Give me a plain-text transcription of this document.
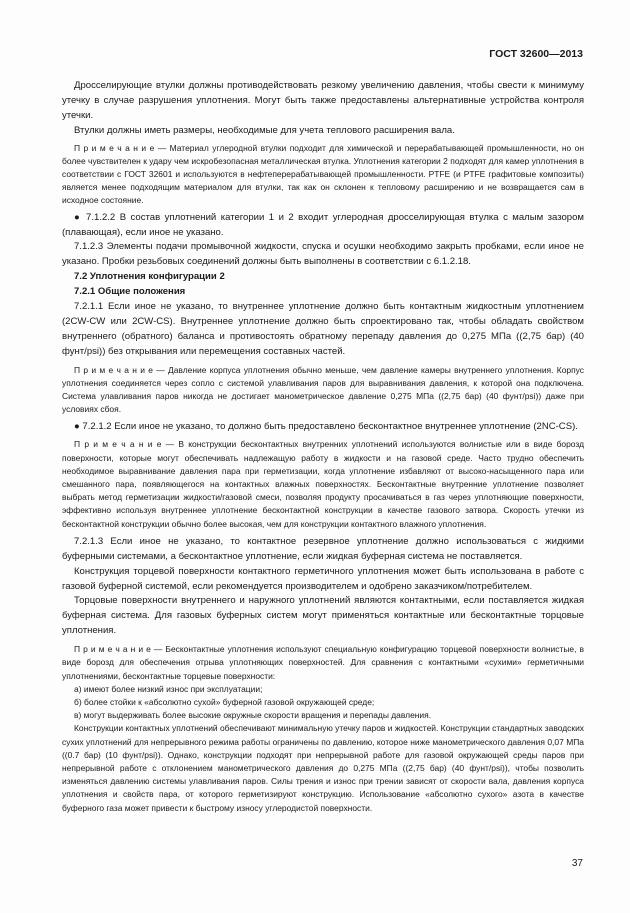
ГОСТ 32600—2013

Дросселирующие втулки должны противодействовать резкому увеличению давления, чтобы свести к минимуму утечку в случае разрушения уплотнения. Могут быть также предоставлены альтернативные устройства контроля утечки.

Втулки должны иметь размеры, необходимые для учета теплового расширения вала.

П р и м е ч а н и е — Материал углеродной втулки подходит для химической и перерабатывающей промышленности, но он более чувствителен к удару чем искробезопасная металлическая втулка. Уплотнения категории 2 подходят для камер уплотнения в соответствии с ГОСТ 32601 и используются в нефтеперерабатывающей промышленности. PTFE (и PTFE графитовые композиты) является менее подходящим материалом для втулки, так как он склонен к тепловому расширению и не возвращается сам в исходное состояние.

● 7.1.2.2 В состав уплотнений категории 1 и 2 входит углеродная дросселирующая втулка с малым зазором (плавающая), если иное не указано.

7.1.2.3 Элементы подачи промывочной жидкости, спуска и осушки необходимо закрыть пробками, если иное не указано. Пробки резьбовых соединений должны быть выполнены в соответствии с 6.1.2.18.

7.2 Уплотнения конфигурации 2

7.2.1 Общие положения

7.2.1.1 Если иное не указано, то внутреннее уплотнение должно быть контактным жидкостным уплотнением (2CW-CW или 2CW-CS). Внутреннее уплотнение должно быть спроектировано так, чтобы обладать свойством внутреннего (обратного) баланса и противостоять обратному перепаду давления до 0,275 МПа ((2,75 бар) (40 фунт/psi)) без открывания или перемещения составных частей.

П р и м е ч а н и е — Давление корпуса уплотнения обычно меньше, чем давление камеры внутреннего уплотнения. Корпус уплотнения соединяется через сопло с системой улавливания паров для выравнивания давления, к которой она подключена. Система улавливания паров никогда не достигает манометрическое давление 0,275 МПа ((2,75 бар) (40 фунт/psi)) даже при условиях сбоя.

● 7.2.1.2 Если иное не указано, то должно быть предоставлено бесконтактное внутреннее уплотнение (2NC-CS).

П р и м е ч а н и е — В конструкции бесконтактных внутренних уплотнений используются волнистые или в виде борозд поверхности, которые могут обеспечивать надлежащую работу в жидкости и на газовой среде. Часто трудно обеспечить необходимое выравнивание давления пара при герметизации, когда уплотнение избавляют от высоко-насыщенного пара или смешанного пара, появляющегося на контактных влажных поверхностях. Бесконтактные внутренние уплотнение позволяет выбрать метод герметизации жидкости/газовой смеси, позволяя продукту просачиваться в газ через уплотняющие поверхности, эффективно используя внутреннее уплотнение бесконтактной конструкции в качестве газового затвора. Скорость утечки из бесконтактной конструкции обычно более высокая, чем для конструкции контактного влажного уплотнения.

7.2.1.3 Если иное не указано, то контактное резервное уплотнение должно использоваться с жидкими буферными системами, а бесконтактное уплотнение, если жидкая буферная система не поставляется.

Конструкция торцевой поверхности контактного герметичного уплотнения может быть использована в работе с газовой буферной системой, если рекомендуется производителем и одобрено заказчиком/потребителем.

Торцовые поверхности внутреннего и наружного уплотнений являются контактными, если поставляется жидкая буферная система. Для газовых буферных систем могут применяться контактные или бесконтактные торцовые уплотнения.

П р и м е ч а н и е — Бесконтактные уплотнения используют специальную конфигурацию торцевой поверхности волнистые, в виде борозд для обеспечения отрыва уплотняющих поверхностей. Для сравнения с контактными «сухими» герметичными уплотнениями, бесконтактные торцевые поверхности:

а) имеют более низкий износ при эксплуатации;

б) более стойки к «абсолютно сухой» буферной газовой окружающей среде;

в) могут выдерживать более высокие окружные скорости вращения и перепады давления.

Конструкции контактных уплотнений обеспечивают минимальную утечку паров и жидкостей. Конструкции стандартных заводских сухих уплотнений для непрерывного режима работы ограничены по давлению, которое ниже манометрического давления 0,07 МПа ((0.7 бар) (10 фунт/psi)). Однако, конструкции подходят при непрерывной работе для газовой окружающей среды паров при непрерывной работе с отклонением манометрического давления до 0,275 МПа ((2,75 бар) (40 фунт/psi)), чтобы позволить изменяться давлению системы улавливания паров. Силы трения и износ при трении зависят от скорости вала, давления корпуса уплотнения и свойств пара, от которого герметизируют конструкцию. Использование «абсолютно сухого» азота в качестве буферного газа может привести к быстрому износу углеродистой поверхности.

37
